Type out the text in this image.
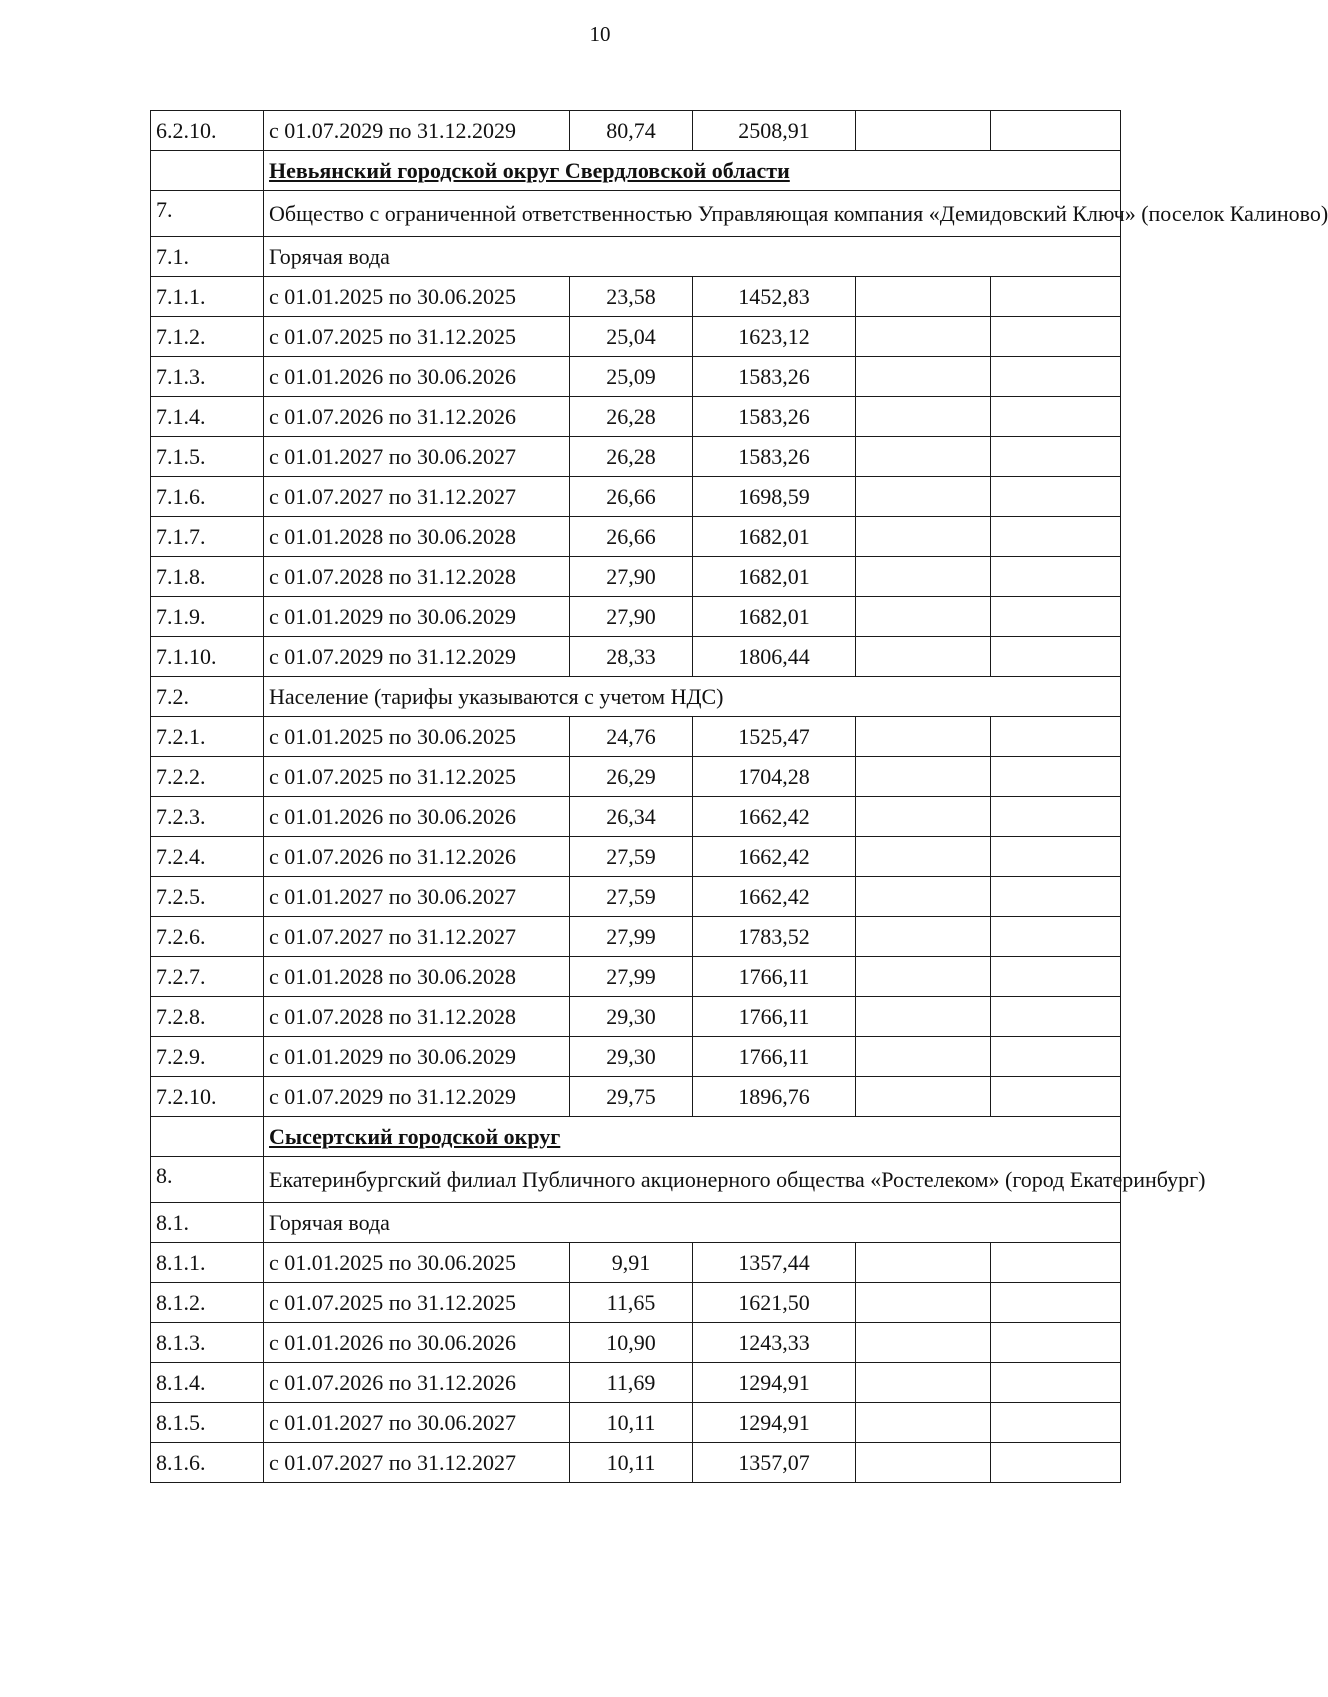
10
6.2.10.	с 01.07.2029 по 31.12.2029	80,74	2508,91		
	Невьянский городской округ Свердловской области				
7.	Общество с ограниченной ответственностью Управляющая компания «Демидовский Ключ» (поселок Калиново)				
7.1.	Горячая вода				
7.1.1.	с 01.01.2025 по 30.06.2025	23,58	1452,83		
7.1.2.	с 01.07.2025 по 31.12.2025	25,04	1623,12		
7.1.3.	с 01.01.2026 по 30.06.2026	25,09	1583,26		
7.1.4.	с 01.07.2026 по 31.12.2026	26,28	1583,26		
7.1.5.	с 01.01.2027 по 30.06.2027	26,28	1583,26		
7.1.6.	с 01.07.2027 по 31.12.2027	26,66	1698,59		
7.1.7.	с 01.01.2028 по 30.06.2028	26,66	1682,01		
7.1.8.	с 01.07.2028 по 31.12.2028	27,90	1682,01		
7.1.9.	с 01.01.2029 по 30.06.2029	27,90	1682,01		
7.1.10.	с 01.07.2029 по 31.12.2029	28,33	1806,44		
7.2.	Население (тарифы указываются с учетом НДС)				
7.2.1.	с 01.01.2025 по 30.06.2025	24,76	1525,47		
7.2.2.	с 01.07.2025 по 31.12.2025	26,29	1704,28		
7.2.3.	с 01.01.2026 по 30.06.2026	26,34	1662,42		
7.2.4.	с 01.07.2026 по 31.12.2026	27,59	1662,42		
7.2.5.	с 01.01.2027 по 30.06.2027	27,59	1662,42		
7.2.6.	с 01.07.2027 по 31.12.2027	27,99	1783,52		
7.2.7.	с 01.01.2028 по 30.06.2028	27,99	1766,11		
7.2.8.	с 01.07.2028 по 31.12.2028	29,30	1766,11		
7.2.9.	с 01.01.2029 по 30.06.2029	29,30	1766,11		
7.2.10.	с 01.07.2029 по 31.12.2029	29,75	1896,76		
	Сысертский городской округ				
8.	Екатеринбургский филиал Публичного акционерного общества «Ростелеком» (город Екатеринбург)				
8.1.	Горячая вода				
8.1.1.	с 01.01.2025 по 30.06.2025	9,91	1357,44		
8.1.2.	с 01.07.2025 по 31.12.2025	11,65	1621,50		
8.1.3.	с 01.01.2026 по 30.06.2026	10,90	1243,33		
8.1.4.	с 01.07.2026 по 31.12.2026	11,69	1294,91		
8.1.5.	с 01.01.2027 по 30.06.2027	10,11	1294,91		
8.1.6.	с 01.07.2027 по 31.12.2027	10,11	1357,07		
